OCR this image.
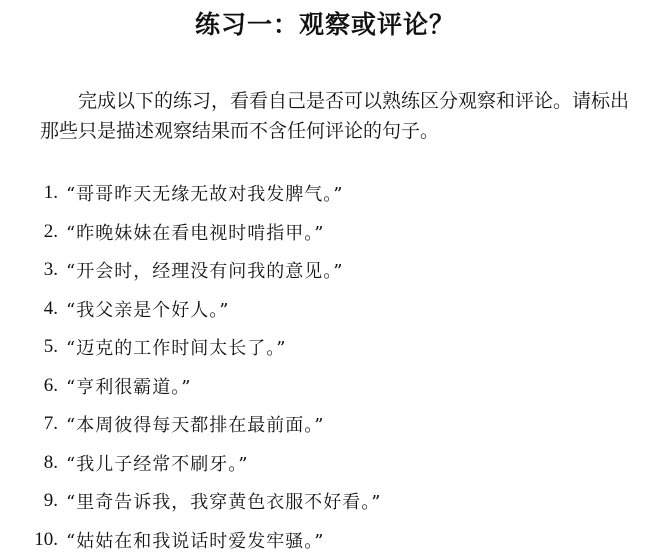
练习一：观察或评论？

完成以下的练习，看看自己是否可以熟练区分观察和评论。请标出那些只是描述观察结果而不含任何评论的句子。

1. “哥哥昨天无缘无故对我发脾气。”
2. “昨晚妹妹在看电视时啃指甲。”
3. “开会时，经理没有问我的意见。”
4. “我父亲是个好人。”
5. “迈克的工作时间太长了。”
6. “亨利很霸道。”
7. “本周彼得每天都排在最前面。”
8. “我儿子经常不刷牙。”
9. “里奇告诉我，我穿黄色衣服不好看。”
10. “姑姑在和我说话时爱发牢骚。”
